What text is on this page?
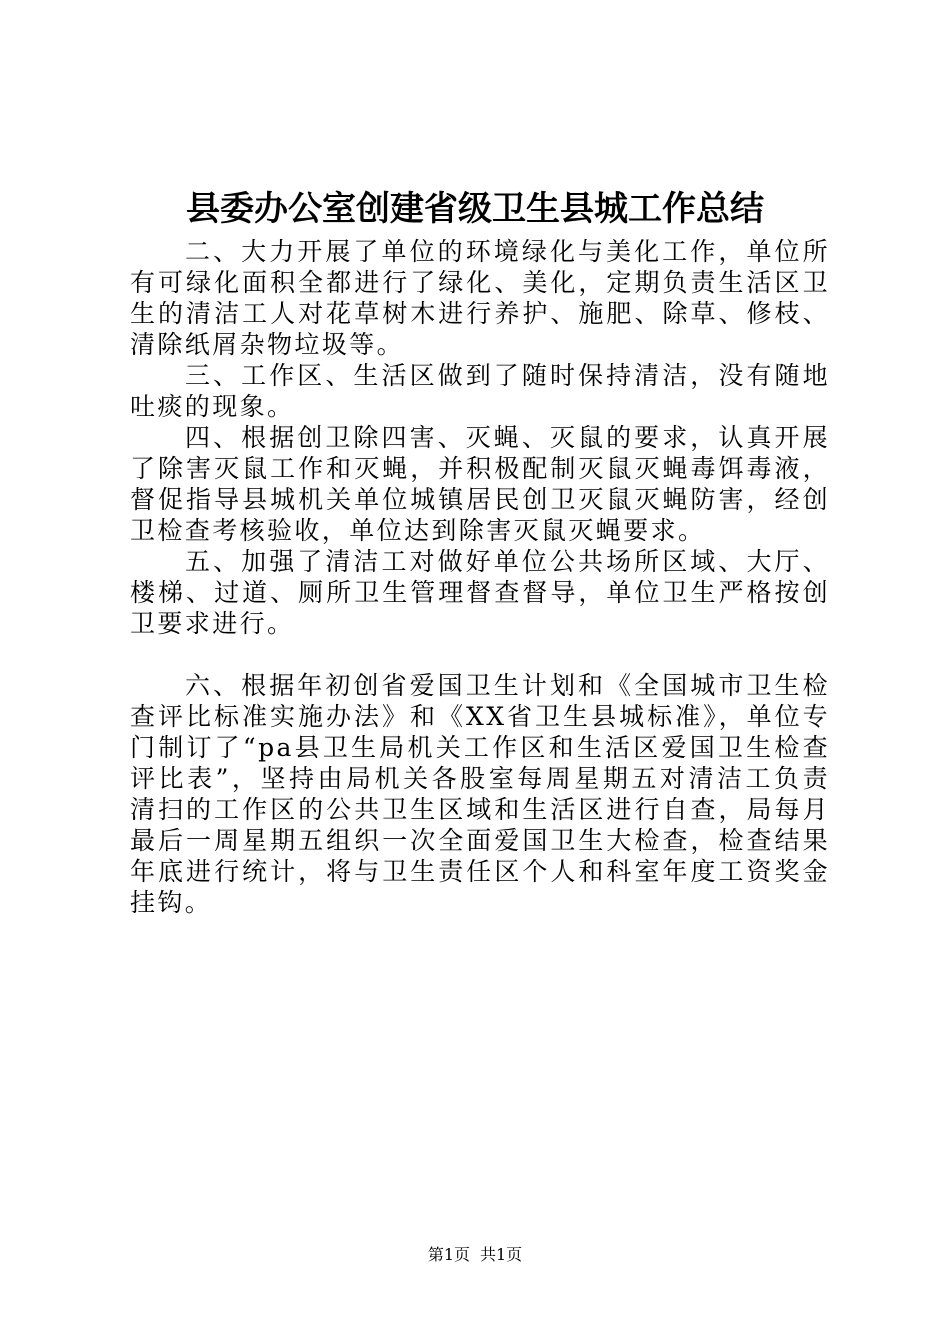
县委办公室创建省级卫生县城工作总结

二、大力开展了单位的环境绿化与美化工作，单位所有可绿化面积全都进行了绿化、美化，定期负责生活区卫生的清洁工人对花草树木进行养护、施肥、除草、修枝、清除纸屑杂物垃圾等。

三、工作区、生活区做到了随时保持清洁，没有随地吐痰的现象。

四、根据创卫除四害、灭蝇、灭鼠的要求，认真开展了除害灭鼠工作和灭蝇，并积极配制灭鼠灭蝇毒饵毒液，督促指导县城机关单位城镇居民创卫灭鼠灭蝇防害，经创卫检查考核验收，单位达到除害灭鼠灭蝇要求。

五、加强了清洁工对做好单位公共场所区域、大厅、楼梯、过道、厕所卫生管理督查督导，单位卫生严格按创卫要求进行。

六、根据年初创省爱国卫生计划和《全国城市卫生检查评比标准实施办法》和《XX省卫生县城标准》，单位专门制订了“pa县卫生局机关工作区和生活区爱国卫生检查评比表”，坚持由局机关各股室每周星期五对清洁工负责清扫的工作区的公共卫生区域和生活区进行自查，局每月最后一周星期五组织一次全面爱国卫生大检查，检查结果年底进行统计，将与卫生责任区个人和科室年度工资奖金挂钩。

第1页 共1页
